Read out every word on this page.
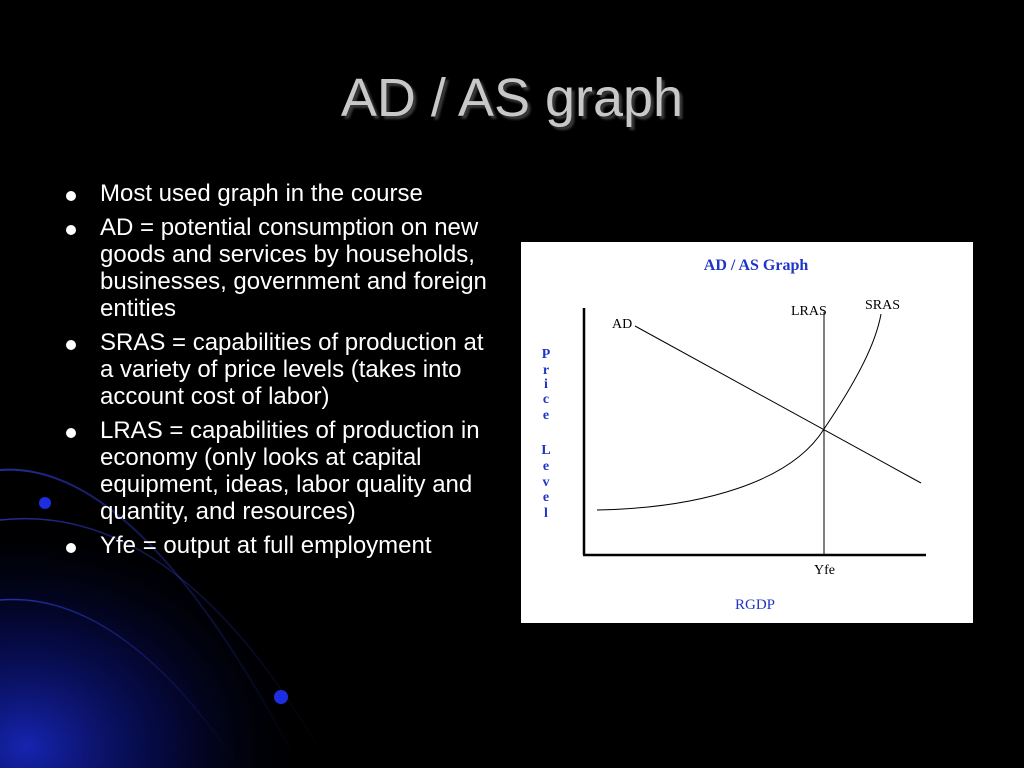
AD / AS graph
Most used graph in the course
AD = potential consumption on new goods and services by households, businesses, government and foreign entities
SRAS = capabilities of production at a variety of price levels (takes into account cost of labor)
LRAS = capabilities of production in economy (only looks at capital equipment, ideas, labor quality and quantity, and resources)
Yfe = output at full employment
AD / AS Graph
P
r
i
c
e
L
e
v
e
l
AD
LRAS	SRAS
Yfe
RGDP
